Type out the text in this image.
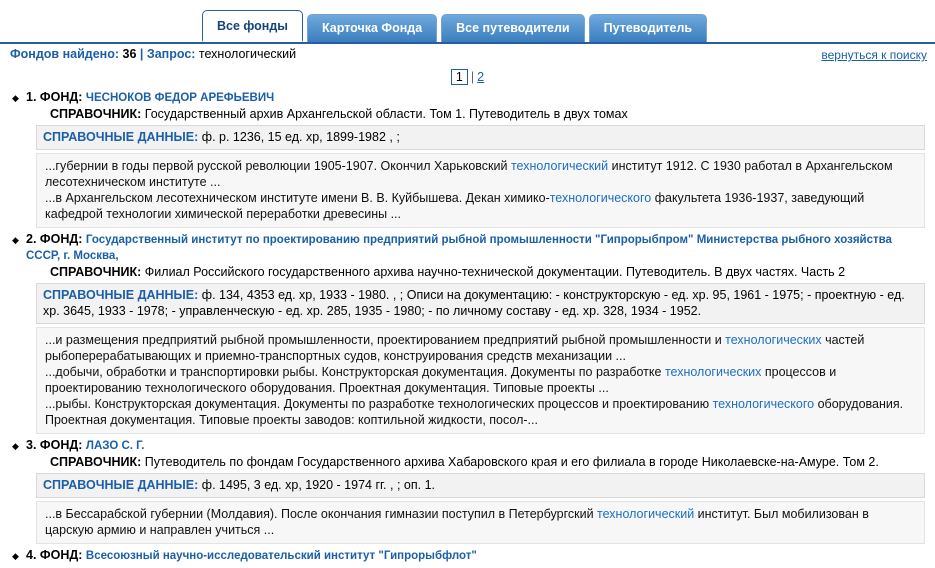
Все фонды	Карточка Фонда	Все путеводители	Путеводитель
Фондов найдено: 36 | Запрос: технологический	вернуться к поиску
1 | 2
◆ 1. ФОНД: ЧЕСНОКОВ ФЕДОР АРЕФЬЕВИЧ
СПРАВОЧНИК: Государственный архив Архангельской области. Том 1. Путеводитель в двух томах
СПРАВОЧНЫЕ ДАННЫЕ: ф. р. 1236, 15 ед. хр, 1899-1982 , ;

...губернии в годы первой русской революции 1905-1907. Окончил Харьковский технологический институт 1912. С 1930 работал в Архангельском лесотехническом институте ...

...в Архангельском лесотехническом институте имени В. В. Куйбышева. Декан химико-технологического факультета 1936-1937, заведующий кафедрой технологии химической переработки древесины ...

◆ 2. ФОНД: Государственный институт по проектированию предприятий рыбной промышленности "Гипрорыбпром" Министерства рыбного хозяйства СССР, г. Москва,
СПРАВОЧНИК: Филиал Российского государственного архива научно-технической документации. Путеводитель. В двух частях. Часть 2
СПРАВОЧНЫЕ ДАННЫЕ: ф. 134, 4353 ед. хр, 1933 - 1980. , ; Описи на документацию: - конструкторскую - ед. хр. 95, 1961 - 1975; - проектную - ед. хр. 3645, 1933 - 1978; - управленческую - ед. хр. 285, 1935 - 1980; - по личному составу - ед. хр. 328, 1934 - 1952.

...и размещения предприятий рыбной промышленности, проектированием предприятий рыбной промышленности и технологических частей рыбоперерабатывающих и приемно-транспортных судов, конструирования средств механизации ...

...добычи, обработки и транспортировки рыбы. Конструкторская документация. Документы по разработке технологических процессов и проектированию технологического оборудования. Проектная документация. Типовые проекты ...

...рыбы. Конструкторская документация. Документы по разработке технологических процессов и проектированию технологического оборудования. Проектная документация. Типовые проекты заводов: коптильной жидкости, посол-...

◆ 3. ФОНД: ЛАЗО С. Г.
СПРАВОЧНИК: Путеводитель по фондам Государственного архива Хабаровского края и его филиала в городе Николаевске-на-Амуре. Том 2.
СПРАВОЧНЫЕ ДАННЫЕ: ф. 1495, 3 ед. хр, 1920 - 1974 гг. , ; оп. 1.

...в Бессарабской губернии (Молдавия). После окончания гимназии поступил в Петербургский технологический институт. Был мобилизован в царскую армию и направлен учиться ...

◆ 4. ФОНД: Всесоюзный научно-исследовательский институт "Гипрорыбфлот"
